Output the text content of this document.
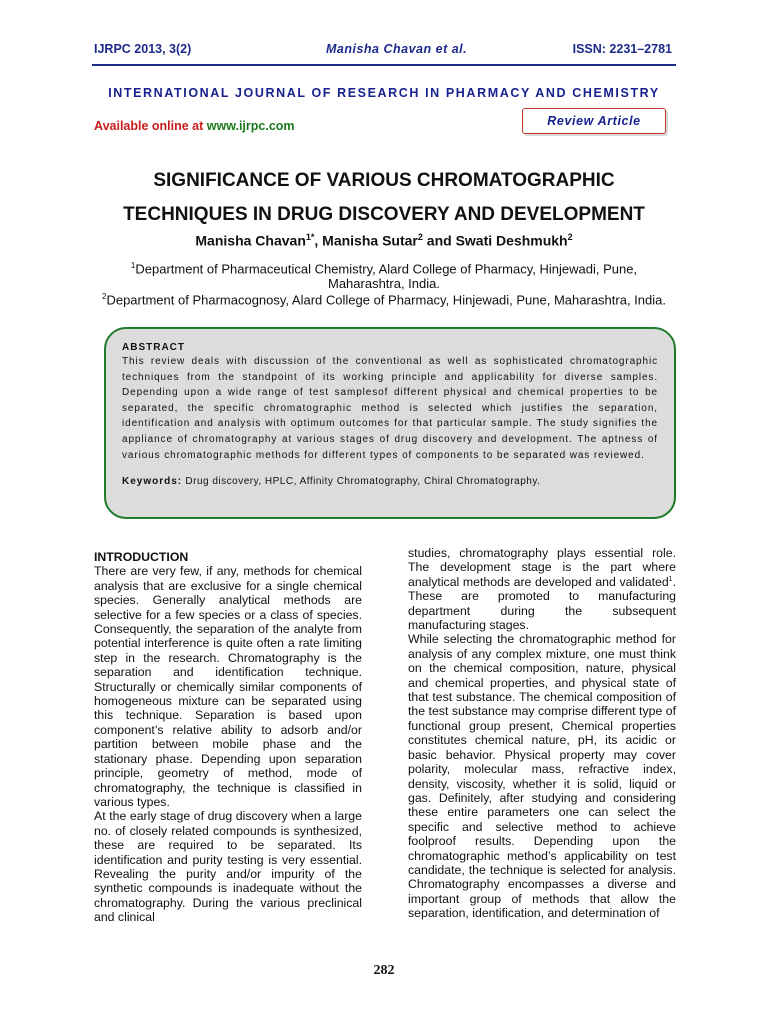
IJRPC 2013, 3(2)	Manisha Chavan et al.	ISSN: 2231–2781
INTERNATIONAL JOURNAL OF RESEARCH IN PHARMACY AND CHEMISTRY
Available online at www.ijrpc.com	Review Article
SIGNIFICANCE OF VARIOUS CHROMATOGRAPHIC
TECHNIQUES IN DRUG DISCOVERY AND DEVELOPMENT
Manisha Chavan$^{1*}$, Manisha Sutar$^2$ and Swati Deshmukh$^2$
$^1$Department of Pharmaceutical Chemistry, Alard College of Pharmacy, Hinjewadi, Pune, Maharashtra, India.
$^2$Department of Pharmacognosy, Alard College of Pharmacy, Hinjewadi, Pune, Maharashtra, India.
ABSTRACT
This review deals with discussion of the conventional as well as sophisticated chromatographic techniques from the standpoint of its working principle and applicability for diverse samples. Depending upon a wide range of test samplesof different physical and chemical properties to be separated, the specific chromatographic method is selected which justifies the separation, identification and analysis with optimum outcomes for that particular sample. The study signifies the appliance of chromatography at various stages of drug discovery and development. The aptness of various chromatographic methods for different types of components to be separated was reviewed.
Keywords: Drug discovery, HPLC, Affinity Chromatography, Chiral Chromatography.

INTRODUCTION

There are very few, if any, methods for chemical analysis that are exclusive for a single chemical species. Generally analytical methods are selective for a few species or a class of species. Consequently, the separation of the analyte from potential interference is quite often a rate limiting step in the research. Chromatography is the separation and identification technique. Structurally or chemically similar components of homogeneous mixture can be separated using this technique. Separation is based upon component’s relative ability to adsorb and/or partition between mobile phase and the stationary phase. Depending upon separation principle, geometry of method, mode of chromatography, the technique is classified in various types.

At the early stage of drug discovery when a large no. of closely related compounds is synthesized, these are required to be separated. Its identification and purity testing is very essential. Revealing the purity and/or impurity of the synthetic compounds is inadequate without the chromatography. During the various preclinical and clinical

studies, chromatography plays essential role. The development stage is the part where analytical methods are developed and validated$^1$. These are promoted to manufacturing department during the subsequent manufacturing stages.

While selecting the chromatographic method for analysis of any complex mixture, one must think on the chemical composition, nature, physical and chemical properties, and physical state of that test substance. The chemical composition of the test substance may comprise different type of functional group present, Chemical properties constitutes chemical nature, pH, its acidic or basic behavior. Physical property may cover polarity, molecular mass, refractive index, density, viscosity, whether it is solid, liquid or gas. Definitely, after studying and considering these entire parameters one can select the specific and selective method to achieve foolproof results. Depending upon the chromatographic method’s applicability on test candidate, the technique is selected for analysis. Chromatography encompasses a diverse and important group of methods that allow the separation, identification, and determination of

282
